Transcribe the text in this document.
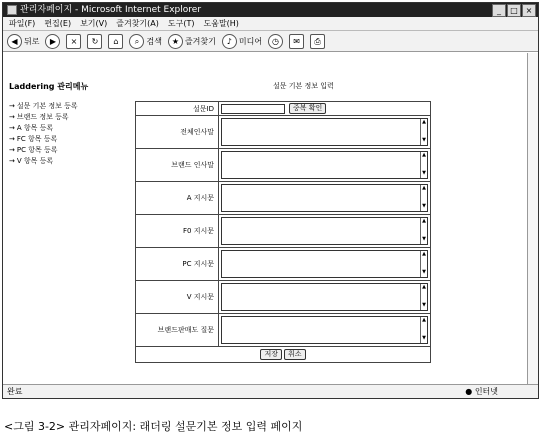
관리자페이지 - Microsoft Internet Explorer	_	□ ×
파일(F) 편집(E) 보기(V) 즐겨찾기(A) 도구(T) 도움말(H)
◀ 뒤로	▶	×	↻	⌂	⌕ 검색	★ 즐겨찾기	♪ 미디어	◷	✉	⎙
Laddering 관리메뉴
→ 설문 기본 정보 등록
→ 브랜드 정보 등록
→ A 항목 등록
→ FC 항목 등록
→ PC 항목 등록
→ V 항목 등록
설문 기본 정보 입력
설문ID	중복 확인

전체인사말	▲

▼

브랜드 인사말	▲

▼

A 지시문	▲

▼

F0 지시문	▲

▼

PC 지시문	▲

▼

V 지시문	▲

▼

브랜드판매도 질문	▲

▼

저장 취소	
완료	● 인터넷
<그림 3-2> 관리자페이지: 래더링 설문기본 정보 입력 페이지
